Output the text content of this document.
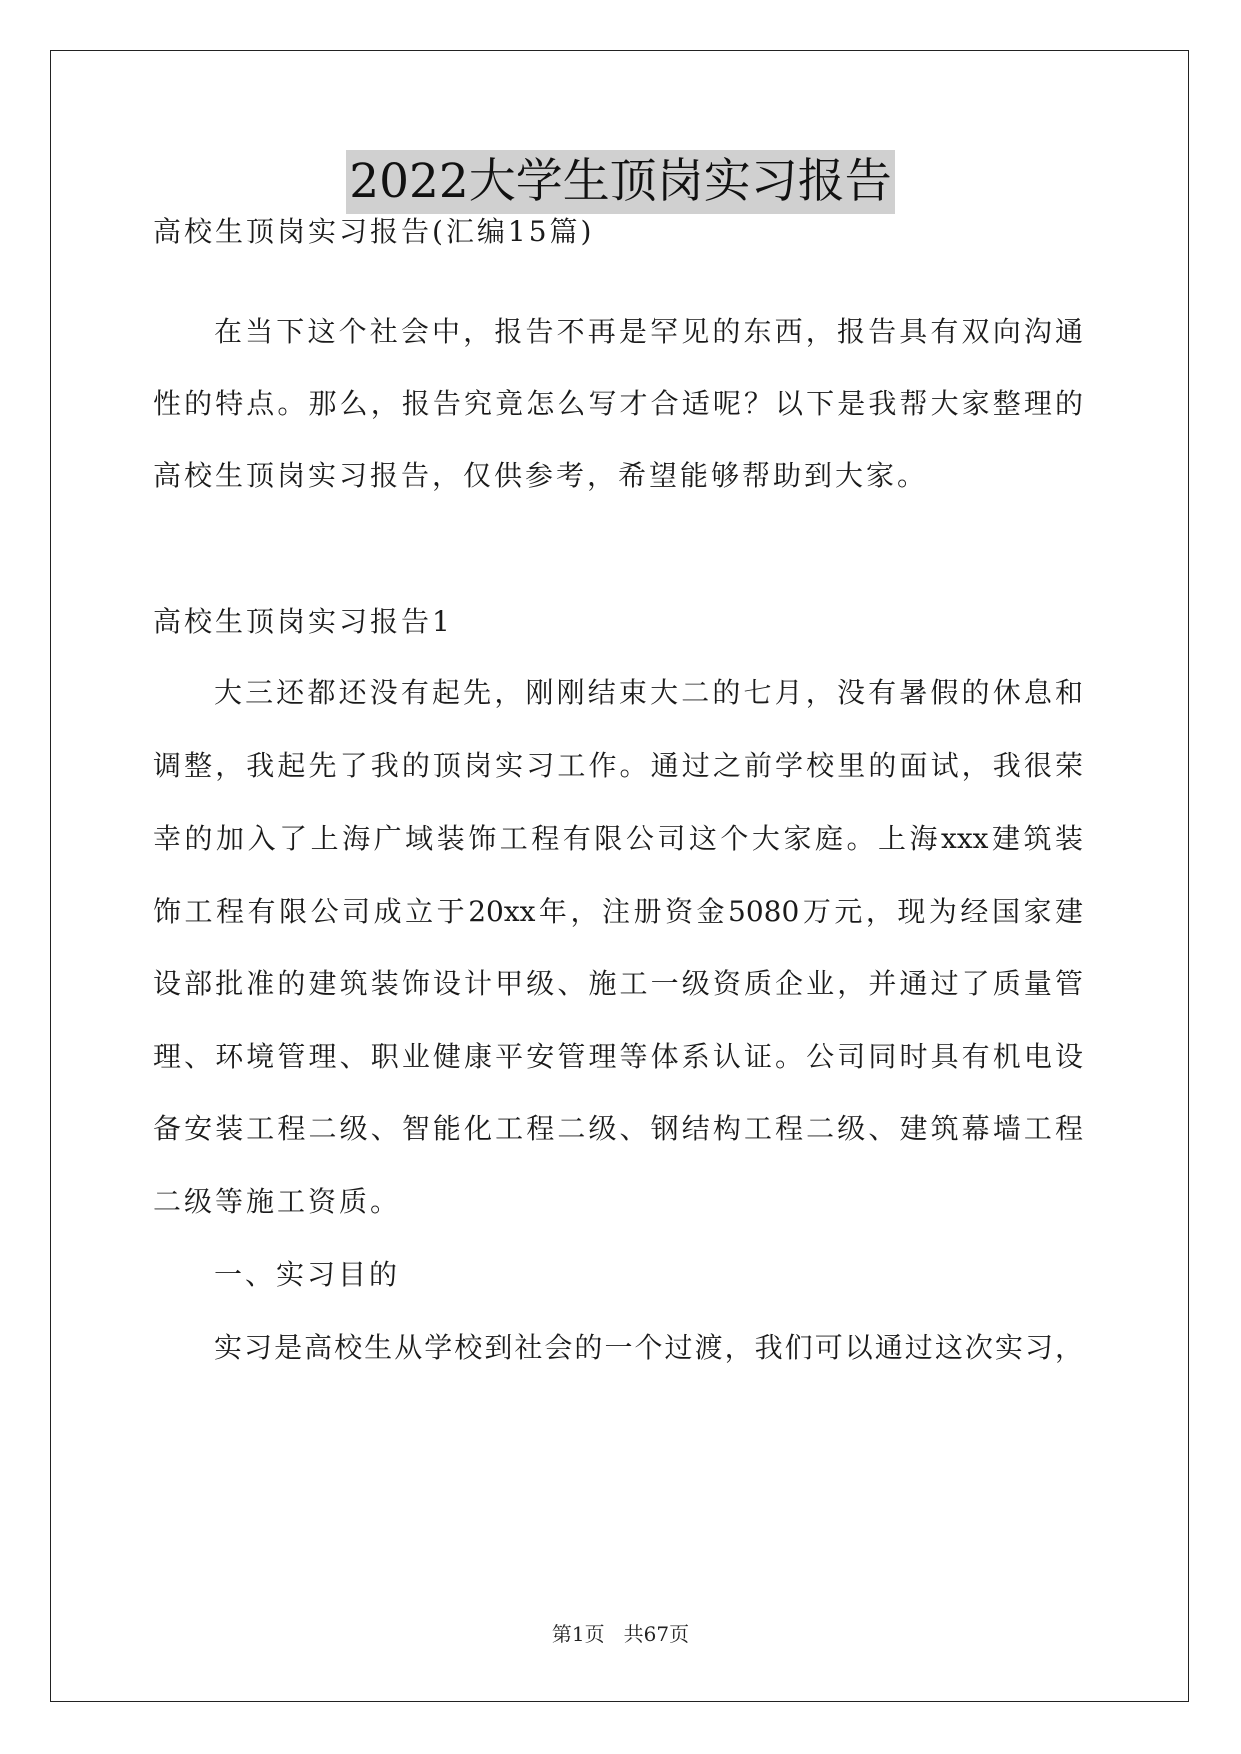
2022大学生顶岗实习报告
高校生顶岗实习报告(汇编15篇)
在当下这个社会中，报告不再是罕见的东西，报告具有双向沟通
性的特点。那么，报告究竟怎么写才合适呢？以下是我帮大家整理的
高校生顶岗实习报告，仅供参考，希望能够帮助到大家。
高校生顶岗实习报告1
大三还都还没有起先，刚刚结束大二的七月，没有暑假的休息和
调整，我起先了我的顶岗实习工作。通过之前学校里的面试，我很荣
幸的加入了上海广域装饰工程有限公司这个大家庭。上海xxx建筑装
饰工程有限公司成立于20xx年，注册资金5080万元，现为经国家建
设部批准的建筑装饰设计甲级、施工一级资质企业，并通过了质量管
理、环境管理、职业健康平安管理等体系认证。公司同时具有机电设
备安装工程二级、智能化工程二级、钢结构工程二级、建筑幕墙工程
二级等施工资质。
一、实习目的
实习是高校生从学校到社会的一个过渡，我们可以通过这次实习，
第1页   共67页
